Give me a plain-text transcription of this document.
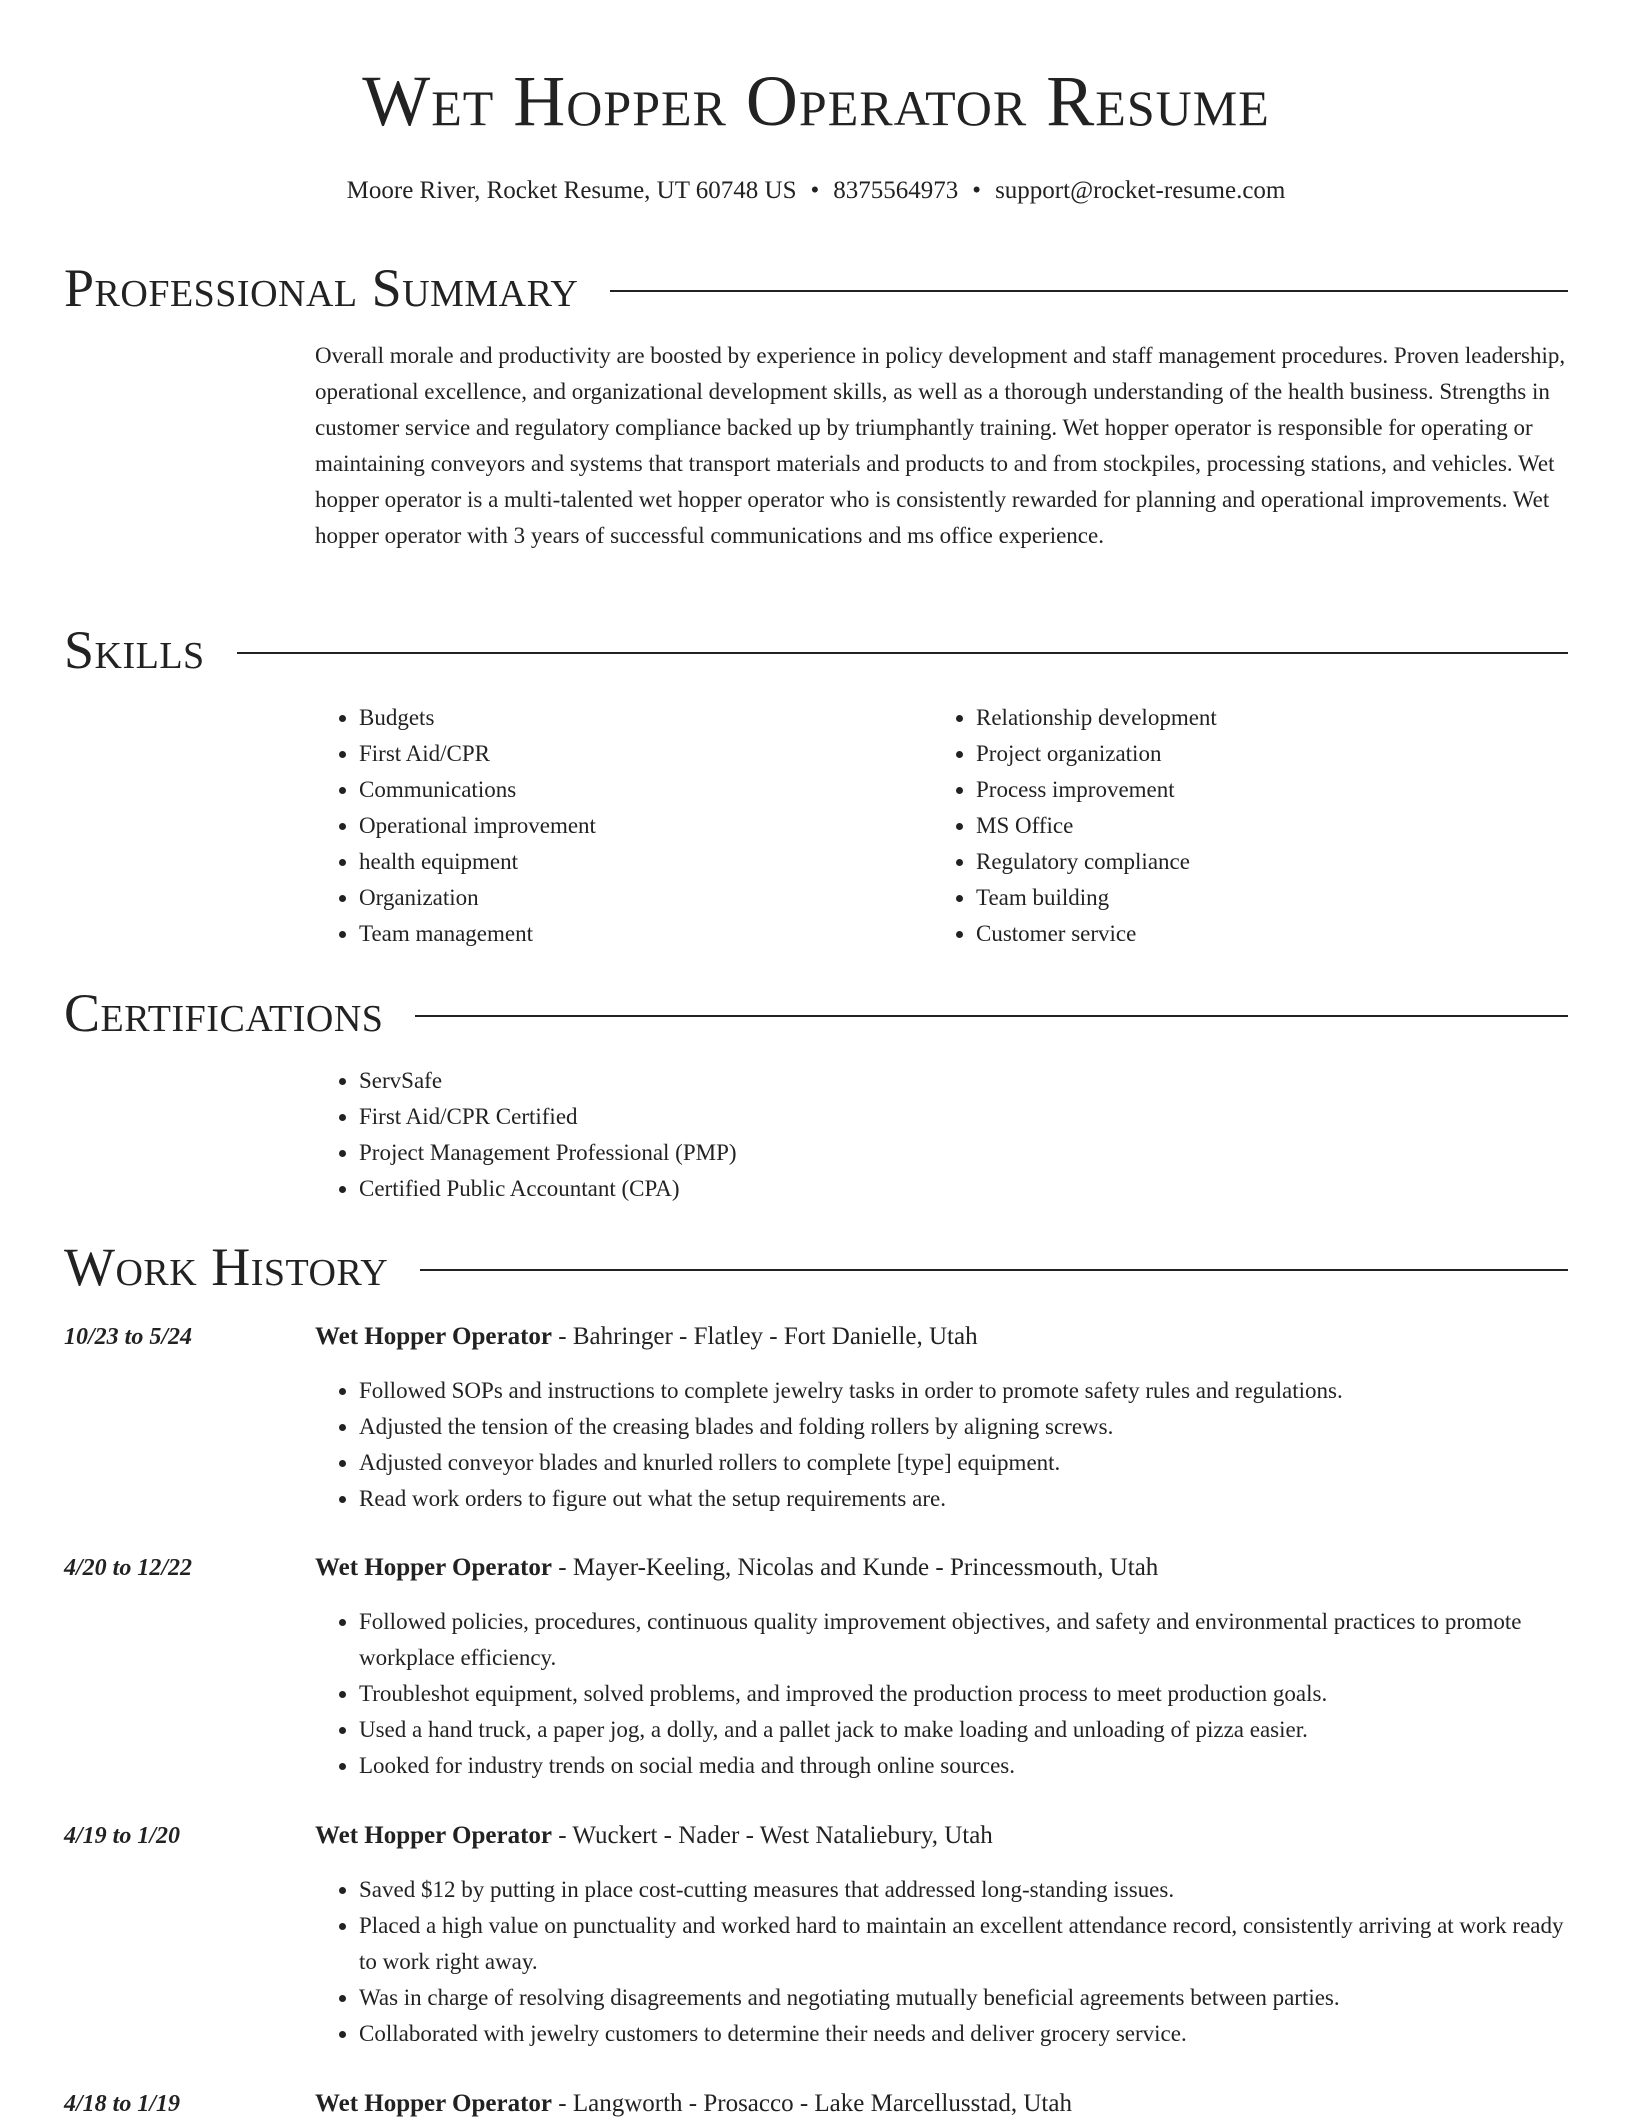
Wet Hopper Operator Resume
Moore River, Rocket Resume, UT 60748 US • 8375564973 • support@rocket-resume.com
Professional Summary

Overall morale and productivity are boosted by experience in policy development and staff management procedures. Proven leadership, operational excellence, and organizational development skills, as well as a thorough understanding of the health business. Strengths in customer service and regulatory compliance backed up by triumphantly training. Wet hopper operator is responsible for operating or maintaining conveyors and systems that transport materials and products to and from stockpiles, processing stations, and vehicles. Wet hopper operator is a multi-talented wet hopper operator who is consistently rewarded for planning and operational improvements. Wet hopper operator with 3 years of successful communications and ms office experience.

Skills
• Budgets
• First Aid/CPR
• Communications
• Operational improvement
• health equipment
• Organization
• Team management
• Relationship development
• Project organization
• Process improvement
• MS Office
• Regulatory compliance
• Team building
• Customer service
Certifications
• ServSafe
• First Aid/CPR Certified
• Project Management Professional (PMP)
• Certified Public Accountant (CPA)
Work History
10/23 to 5/24	Wet Hopper Operator - Bahringer - Flatley - Fort Danielle, Utah
• Followed SOPs and instructions to complete jewelry tasks in order to promote safety rules and regulations.
• Adjusted the tension of the creasing blades and folding rollers by aligning screws.
• Adjusted conveyor blades and knurled rollers to complete [type] equipment.
• Read work orders to figure out what the setup requirements are.
4/20 to 12/22	Wet Hopper Operator - Mayer-Keeling, Nicolas and Kunde - Princessmouth, Utah
• Followed policies, procedures, continuous quality improvement objectives, and safety and environmental practices to promote workplace efficiency.
• Troubleshot equipment, solved problems, and improved the production process to meet production goals.
• Used a hand truck, a paper jog, a dolly, and a pallet jack to make loading and unloading of pizza easier.
• Looked for industry trends on social media and through online sources.
4/19 to 1/20	Wet Hopper Operator - Wuckert - Nader - West Nataliebury, Utah
• Saved $12 by putting in place cost-cutting measures that addressed long-standing issues.
• Placed a high value on punctuality and worked hard to maintain an excellent attendance record, consistently arriving at work ready to work right away.
• Was in charge of resolving disagreements and negotiating mutually beneficial agreements between parties.
• Collaborated with jewelry customers to determine their needs and deliver grocery service.
4/18 to 1/19	Wet Hopper Operator - Langworth - Prosacco - Lake Marcellusstad, Utah
